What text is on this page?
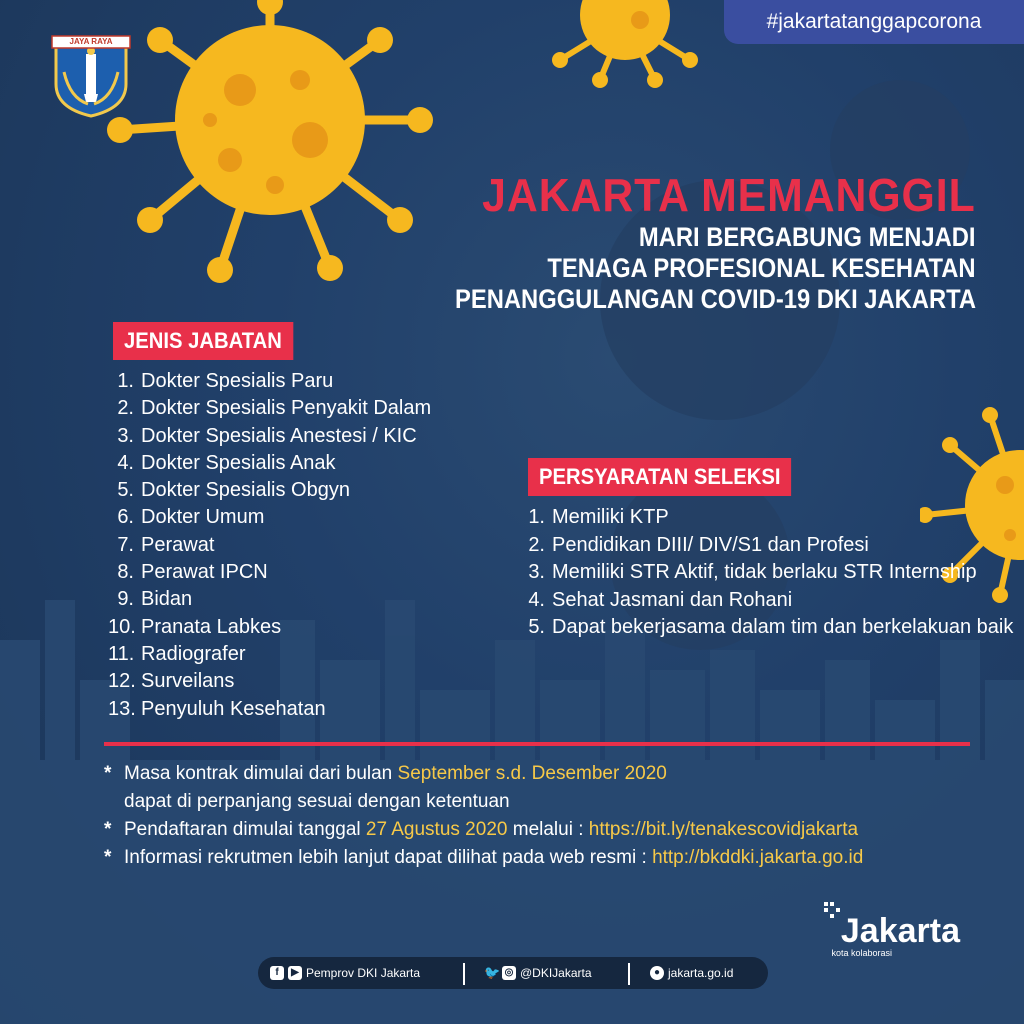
JAYA RAYA
#jakartatanggapcorona
JAKARTA MEMANGGIL
MARI BERGABUNG MENJADI
TENAGA PROFESIONAL KESEHATAN
PENANGGULANGAN COVID-19 DKI JAKARTA
JENIS JABATAN
1. Dokter Spesialis Paru
2. Dokter Spesialis Penyakit Dalam
3. Dokter Spesialis Anestesi / KIC
4. Dokter Spesialis Anak
5. Dokter Spesialis Obgyn
6. Dokter Umum
7. Perawat
8. Perawat IPCN
9. Bidan
10. Pranata Labkes
11. Radiografer
12. Surveilans
13. Penyuluh Kesehatan
PERSYARATAN SELEKSI
1. Memiliki KTP
2. Pendidikan DIII/ DIV/S1 dan Profesi
3. Memiliki STR Aktif, tidak berlaku STR Internship
4. Sehat Jasmani dan Rohani
5. Dapat bekerjasama dalam tim dan berkelakuan baik
* Masa kontrak dimulai dari bulan September s.d. Desember 2020
dapat di perpanjang sesuai dengan ketentuan
* Pendaftaran dimulai tanggal 27 Agustus 2020 melalui : https://bit.ly/tenakescovidjakarta
* Informasi rekrutmen lebih lanjut dapat dilihat pada web resmi : http://bkddki.jakarta.go.id
Jakarta
kota kolaborasi
f	▶ Pemprov DKI Jakarta	🐦 ◎ @DKIJakarta	● jakarta.go.id
